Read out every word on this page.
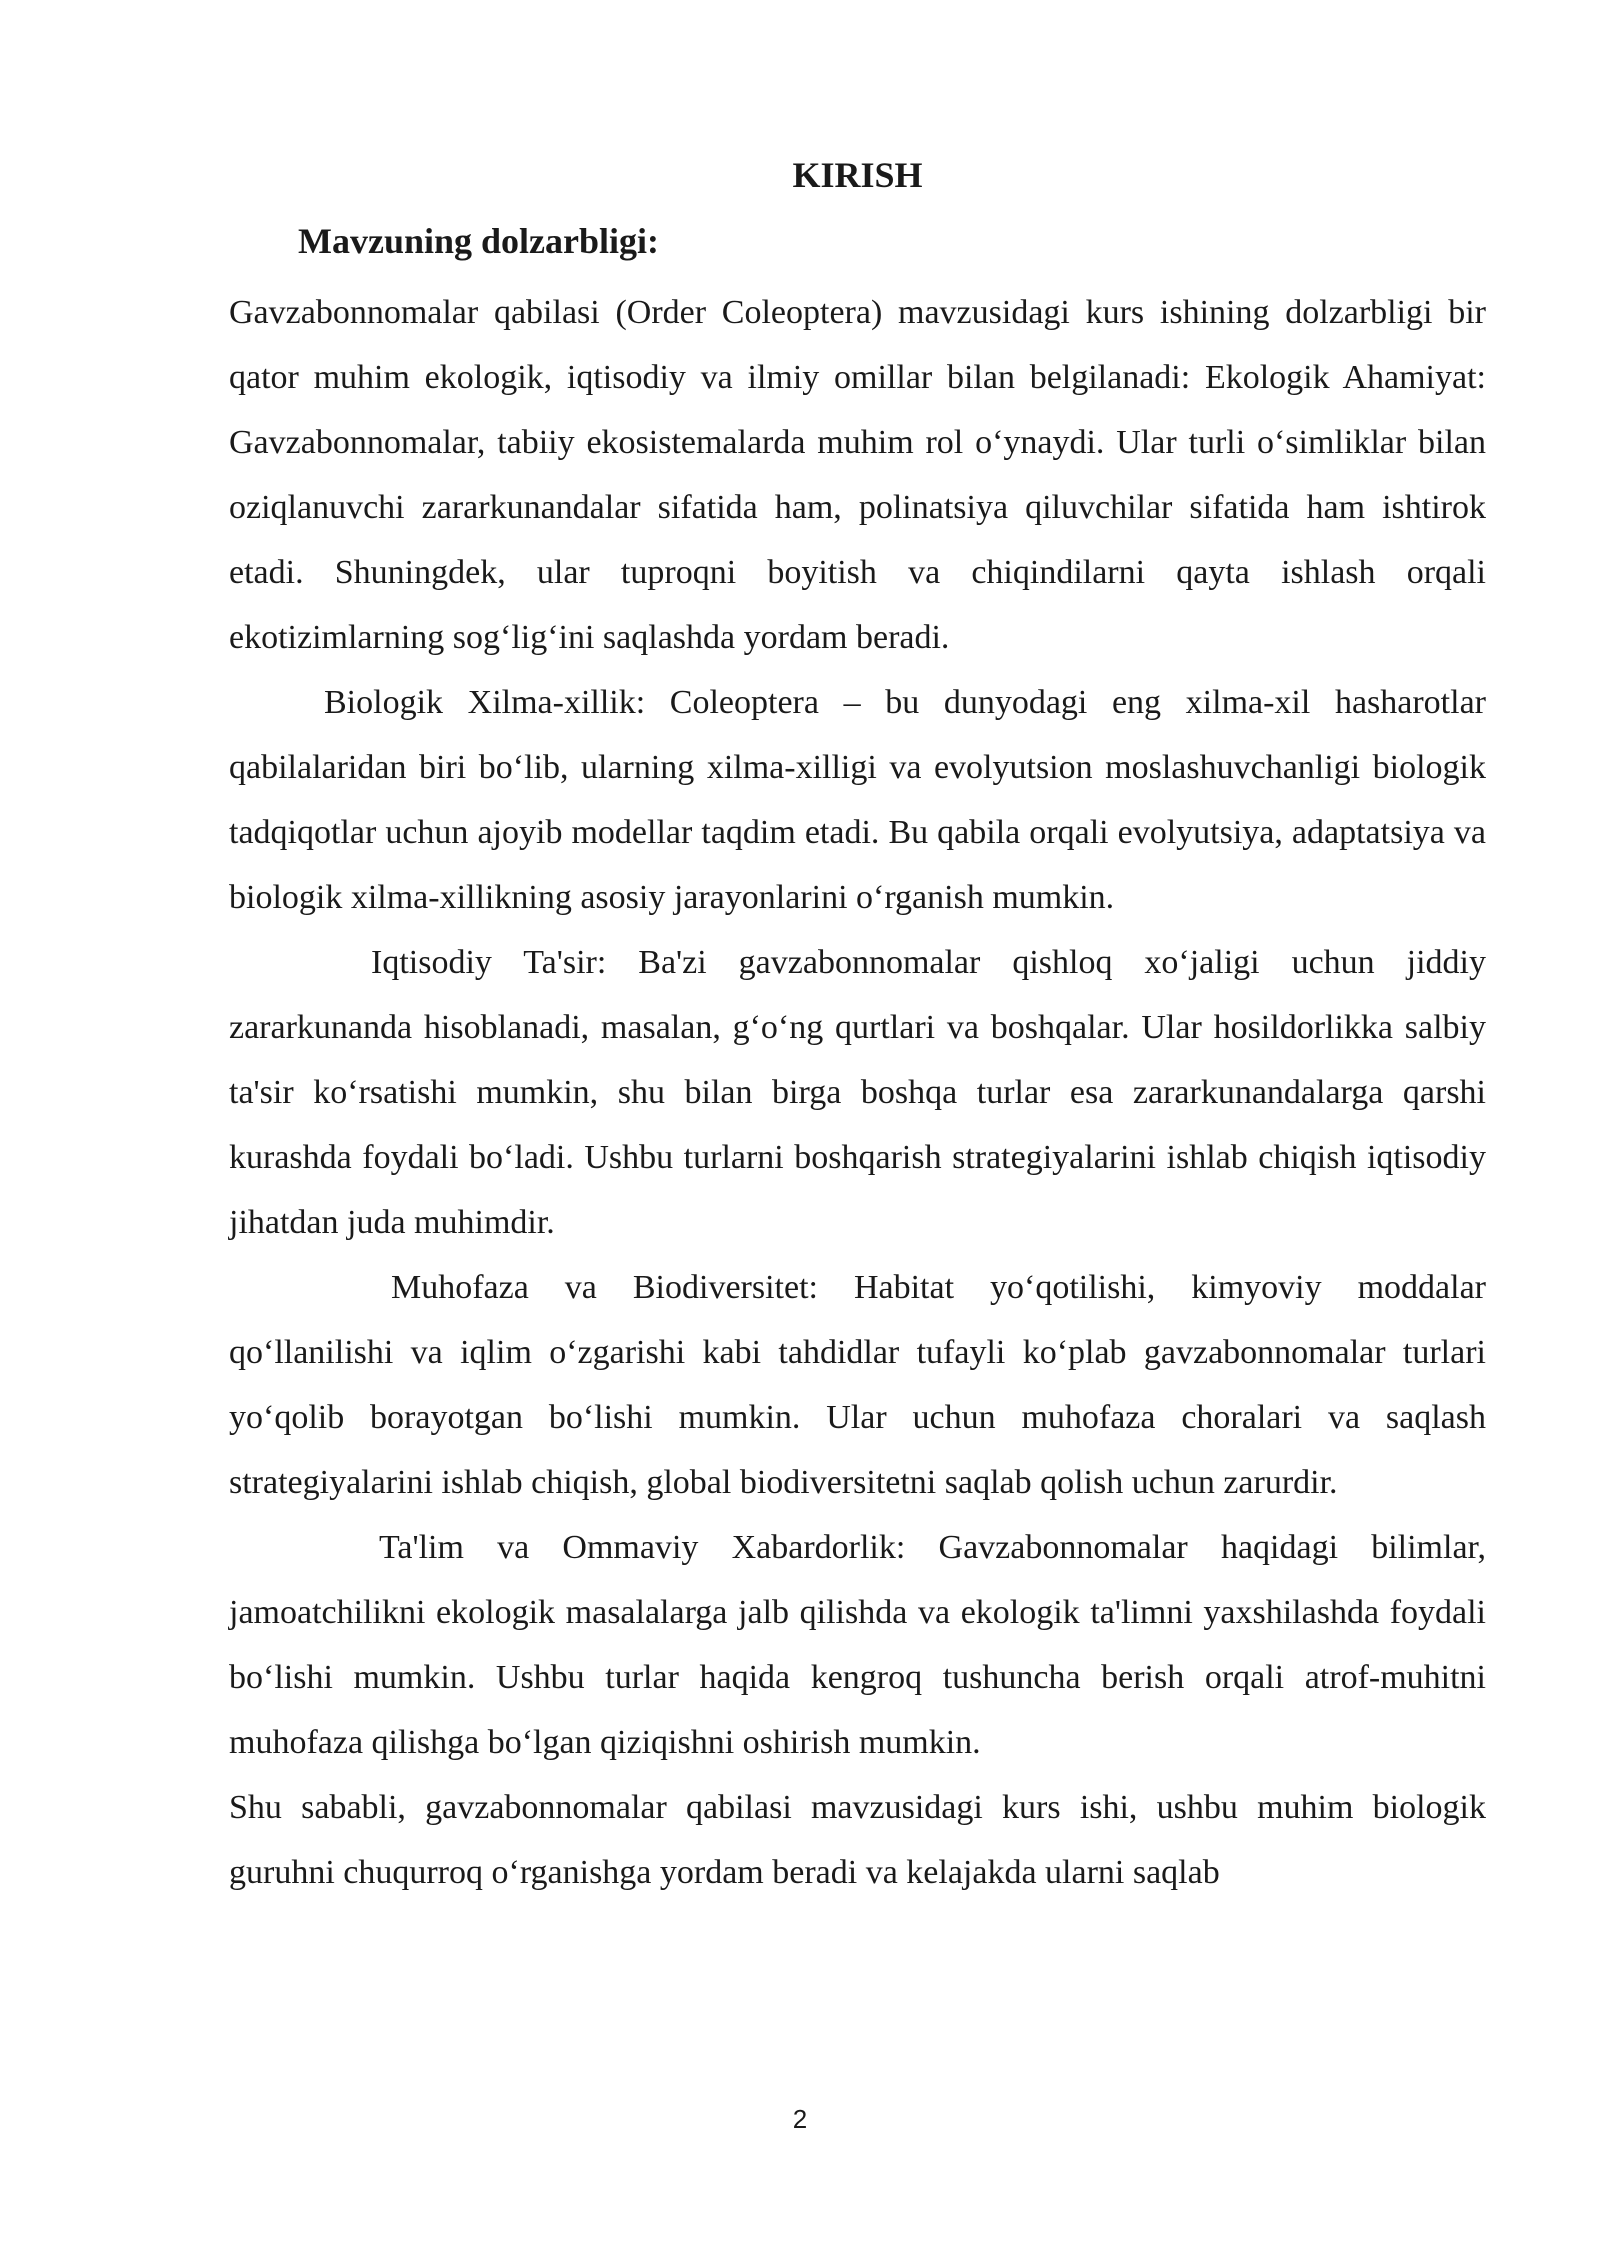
KIRISH
Mavzuning dolzarbligi:

Gavzabonnomalar qabilasi (Order Coleoptera) mavzusidagi kurs ishining dolzarbligi bir qator muhim ekologik, iqtisodiy va ilmiy omillar bilan belgilanadi: Ekologik Ahamiyat: Gavzabonnomalar, tabiiy ekosistemalarda muhim rol o‘ynaydi. Ular turli o‘simliklar bilan oziqlanuvchi zararkunandalar sifatida ham, polinatsiya qiluvchilar sifatida ham ishtirok etadi. Shuningdek, ular tuproqni boyitish va chiqindilarni qayta ishlash orqali ekotizimlarning sog‘lig‘ini saqlashda yordam beradi.

Biologik Xilma-xillik: Coleoptera – bu dunyodagi eng xilma-xil hasharotlar qabilalaridan biri bo‘lib, ularning xilma-xilligi va evolyutsion moslashuvchanligi biologik tadqiqotlar uchun ajoyib modellar taqdim etadi. Bu qabila orqali evolyutsiya, adaptatsiya va biologik xilma-xillikning asosiy jarayonlarini o‘rganish mumkin.

Iqtisodiy Ta'sir: Ba'zi gavzabonnomalar qishloq xo‘jaligi uchun jiddiy zararkunanda hisoblanadi, masalan, g‘o‘ng qurtlari va boshqalar. Ular hosildorlikka salbiy ta'sir ko‘rsatishi mumkin, shu bilan birga boshqa turlar esa zararkunandalarga qarshi kurashda foydali bo‘ladi. Ushbu turlarni boshqarish strategiyalarini ishlab chiqish iqtisodiy jihatdan juda muhimdir.

Muhofaza va Biodiversitet: Habitat yo‘qotilishi, kimyoviy moddalar qo‘llanilishi va iqlim o‘zgarishi kabi tahdidlar tufayli ko‘plab gavzabonnomalar turlari yo‘qolib borayotgan bo‘lishi mumkin. Ular uchun muhofaza choralari va saqlash strategiyalarini ishlab chiqish, global biodiversitetni saqlab qolish uchun zarurdir.

Ta'lim va Ommaviy Xabardorlik: Gavzabonnomalar haqidagi bilimlar, jamoatchilikni ekologik masalalarga jalb qilishda va ekologik ta'limni yaxshilashda foydali bo‘lishi mumkin. Ushbu turlar haqida kengroq tushuncha berish orqali atrof-muhitni muhofaza qilishga bo‘lgan qiziqishni oshirish mumkin.

Shu sababli, gavzabonnomalar qabilasi mavzusidagi kurs ishi, ushbu muhim biologik guruhni chuqurroq o‘rganishga yordam beradi va kelajakda ularni saqlab

2
